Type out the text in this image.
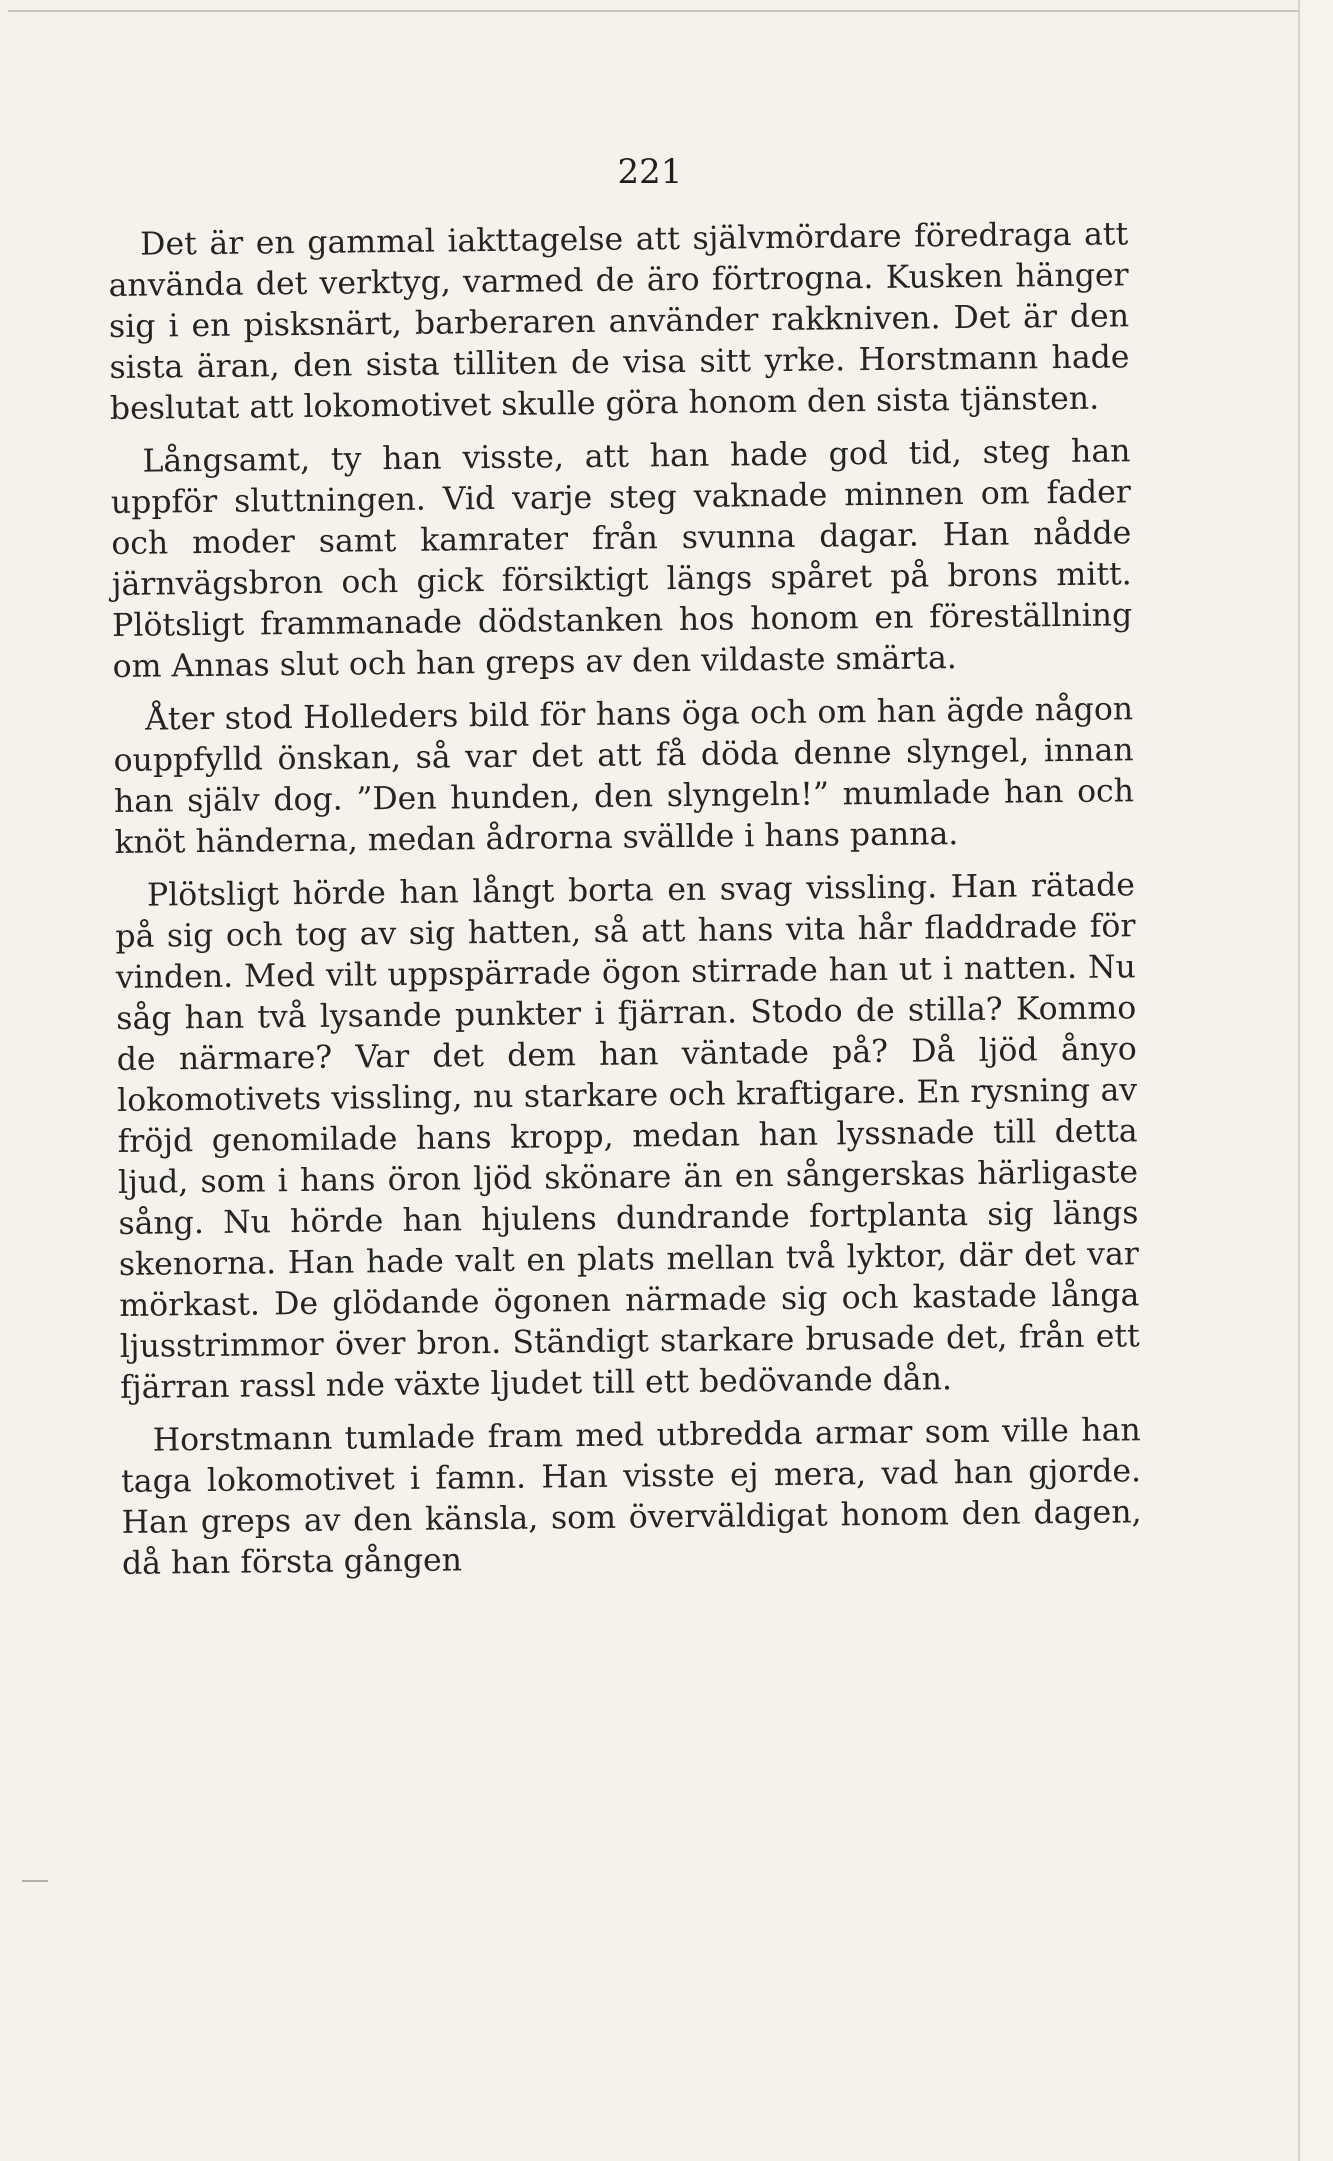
221

Det är en gammal iakttagelse att självmördare föredraga att använda det verktyg, varmed de äro förtrogna. Kusken hänger sig i en pisksnärt, barberaren använder rakkniven. Det är den sista äran, den sista tilliten de visa sitt yrke. Horstmann hade beslutat att lokomotivet skulle göra honom den sista tjänsten.

Långsamt, ty han visste, att han hade god tid, steg han uppför sluttningen. Vid varje steg vaknade minnen om fader och moder samt kamrater från svunna dagar. Han nådde järnvägsbron och gick försiktigt längs spåret på brons mitt. Plötsligt frammanade dödstanken hos honom en föreställning om Annas slut och han greps av den vildaste smärta.

Åter stod Holleders bild för hans öga och om han ägde någon ouppfylld önskan, så var det att få döda denne slyngel, innan han själv dog. ”Den hunden, den slyngeln!” mumlade han och knöt händerna, medan ådrorna svällde i hans panna.

Plötsligt hörde han långt borta en svag vissling. Han rätade på sig och tog av sig hatten, så att hans vita hår fladdrade för vinden. Med vilt uppspärrade ögon stirrade han ut i natten. Nu såg han två lysande punkter i fjärran. Stodo de stilla? Kommo de närmare? Var det dem han väntade på? Då ljöd ånyo lokomotivets vissling, nu starkare och kraftigare. En rysning av fröjd genomilade hans kropp, medan han lyssnade till detta ljud, som i hans öron ljöd skönare än en sångerskas härligaste sång. Nu hörde han hjulens dundrande fortplanta sig längs skenorna. Han hade valt en plats mellan två lyktor, där det var mörkast. De glödande ögonen närmade sig och kastade långa ljusstrimmor över bron. Ständigt starkare brusade det, från ett fjärran rassl nde växte ljudet till ett bedövande dån.

Horstmann tumlade fram med utbredda armar som ville han taga lokomotivet i famn. Han visste ej mera, vad han gjorde. Han greps av den känsla, som överväldigat honom den dagen, då han första gången
